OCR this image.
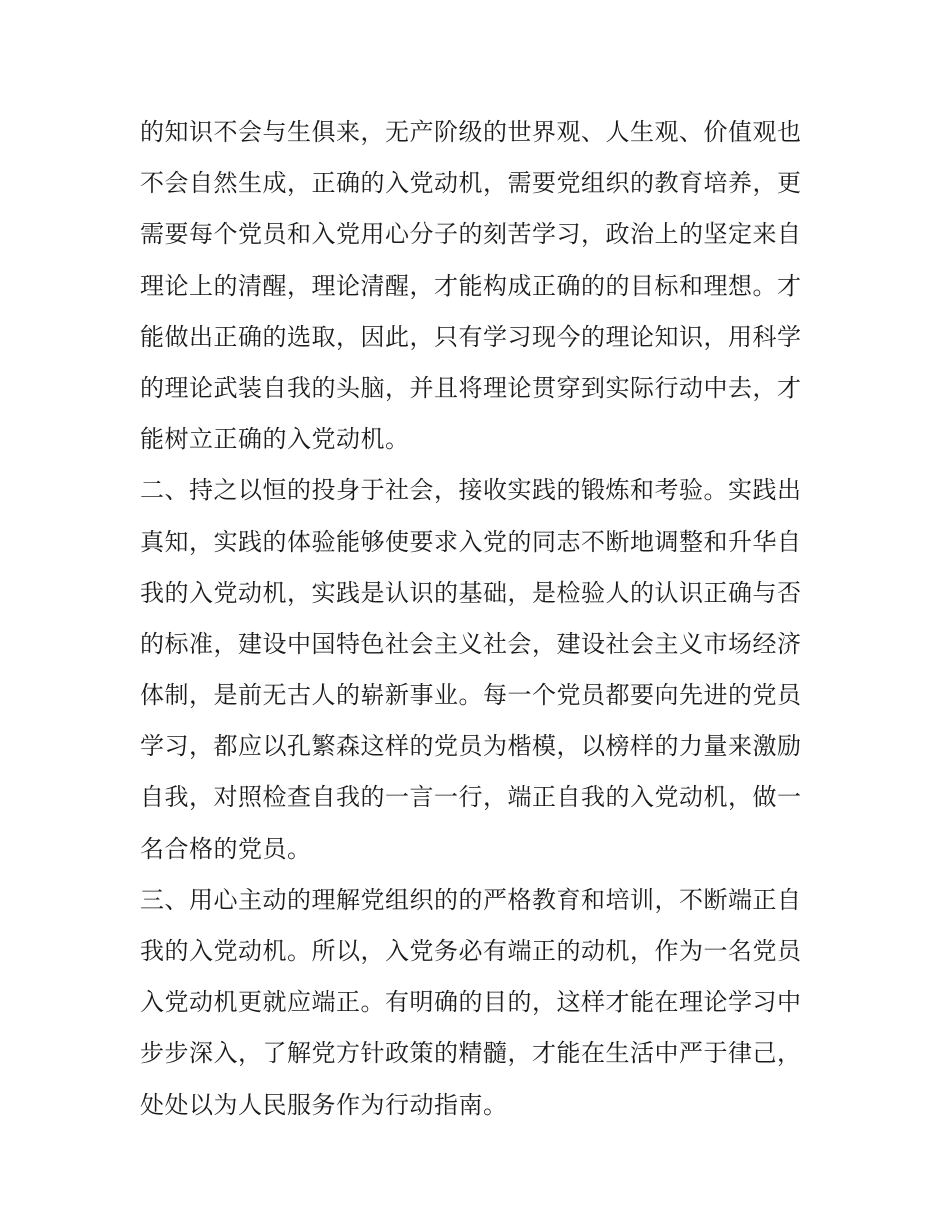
的知识不会与生俱来，无产阶级的世界观、人生观、价值观也
不会自然生成，正确的入党动机，需要党组织的教育培养，更
需要每个党员和入党用心分子的刻苦学习，政治上的坚定来自
理论上的清醒，理论清醒，才能构成正确的的目标和理想。才
能做出正确的选取，因此，只有学习现今的理论知识，用科学
的理论武装自我的头脑，并且将理论贯穿到实际行动中去，才
能树立正确的入党动机。
二、持之以恒的投身于社会，接收实践的锻炼和考验。实践出
真知，实践的体验能够使要求入党的同志不断地调整和升华自
我的入党动机，实践是认识的基础，是检验人的认识正确与否
的标准，建设中国特色社会主义社会，建设社会主义市场经济
体制，是前无古人的崭新事业。每一个党员都要向先进的党员
学习，都应以孔繁森这样的党员为楷模，以榜样的力量来激励
自我，对照检查自我的一言一行，端正自我的入党动机，做一
名合格的党员。
三、用心主动的理解党组织的的严格教育和培训，不断端正自
我的入党动机。所以，入党务必有端正的动机，作为一名党员
入党动机更就应端正。有明确的目的，这样才能在理论学习中
步步深入，了解党方针政策的精髓，才能在生活中严于律己，
处处以为人民服务作为行动指南。
